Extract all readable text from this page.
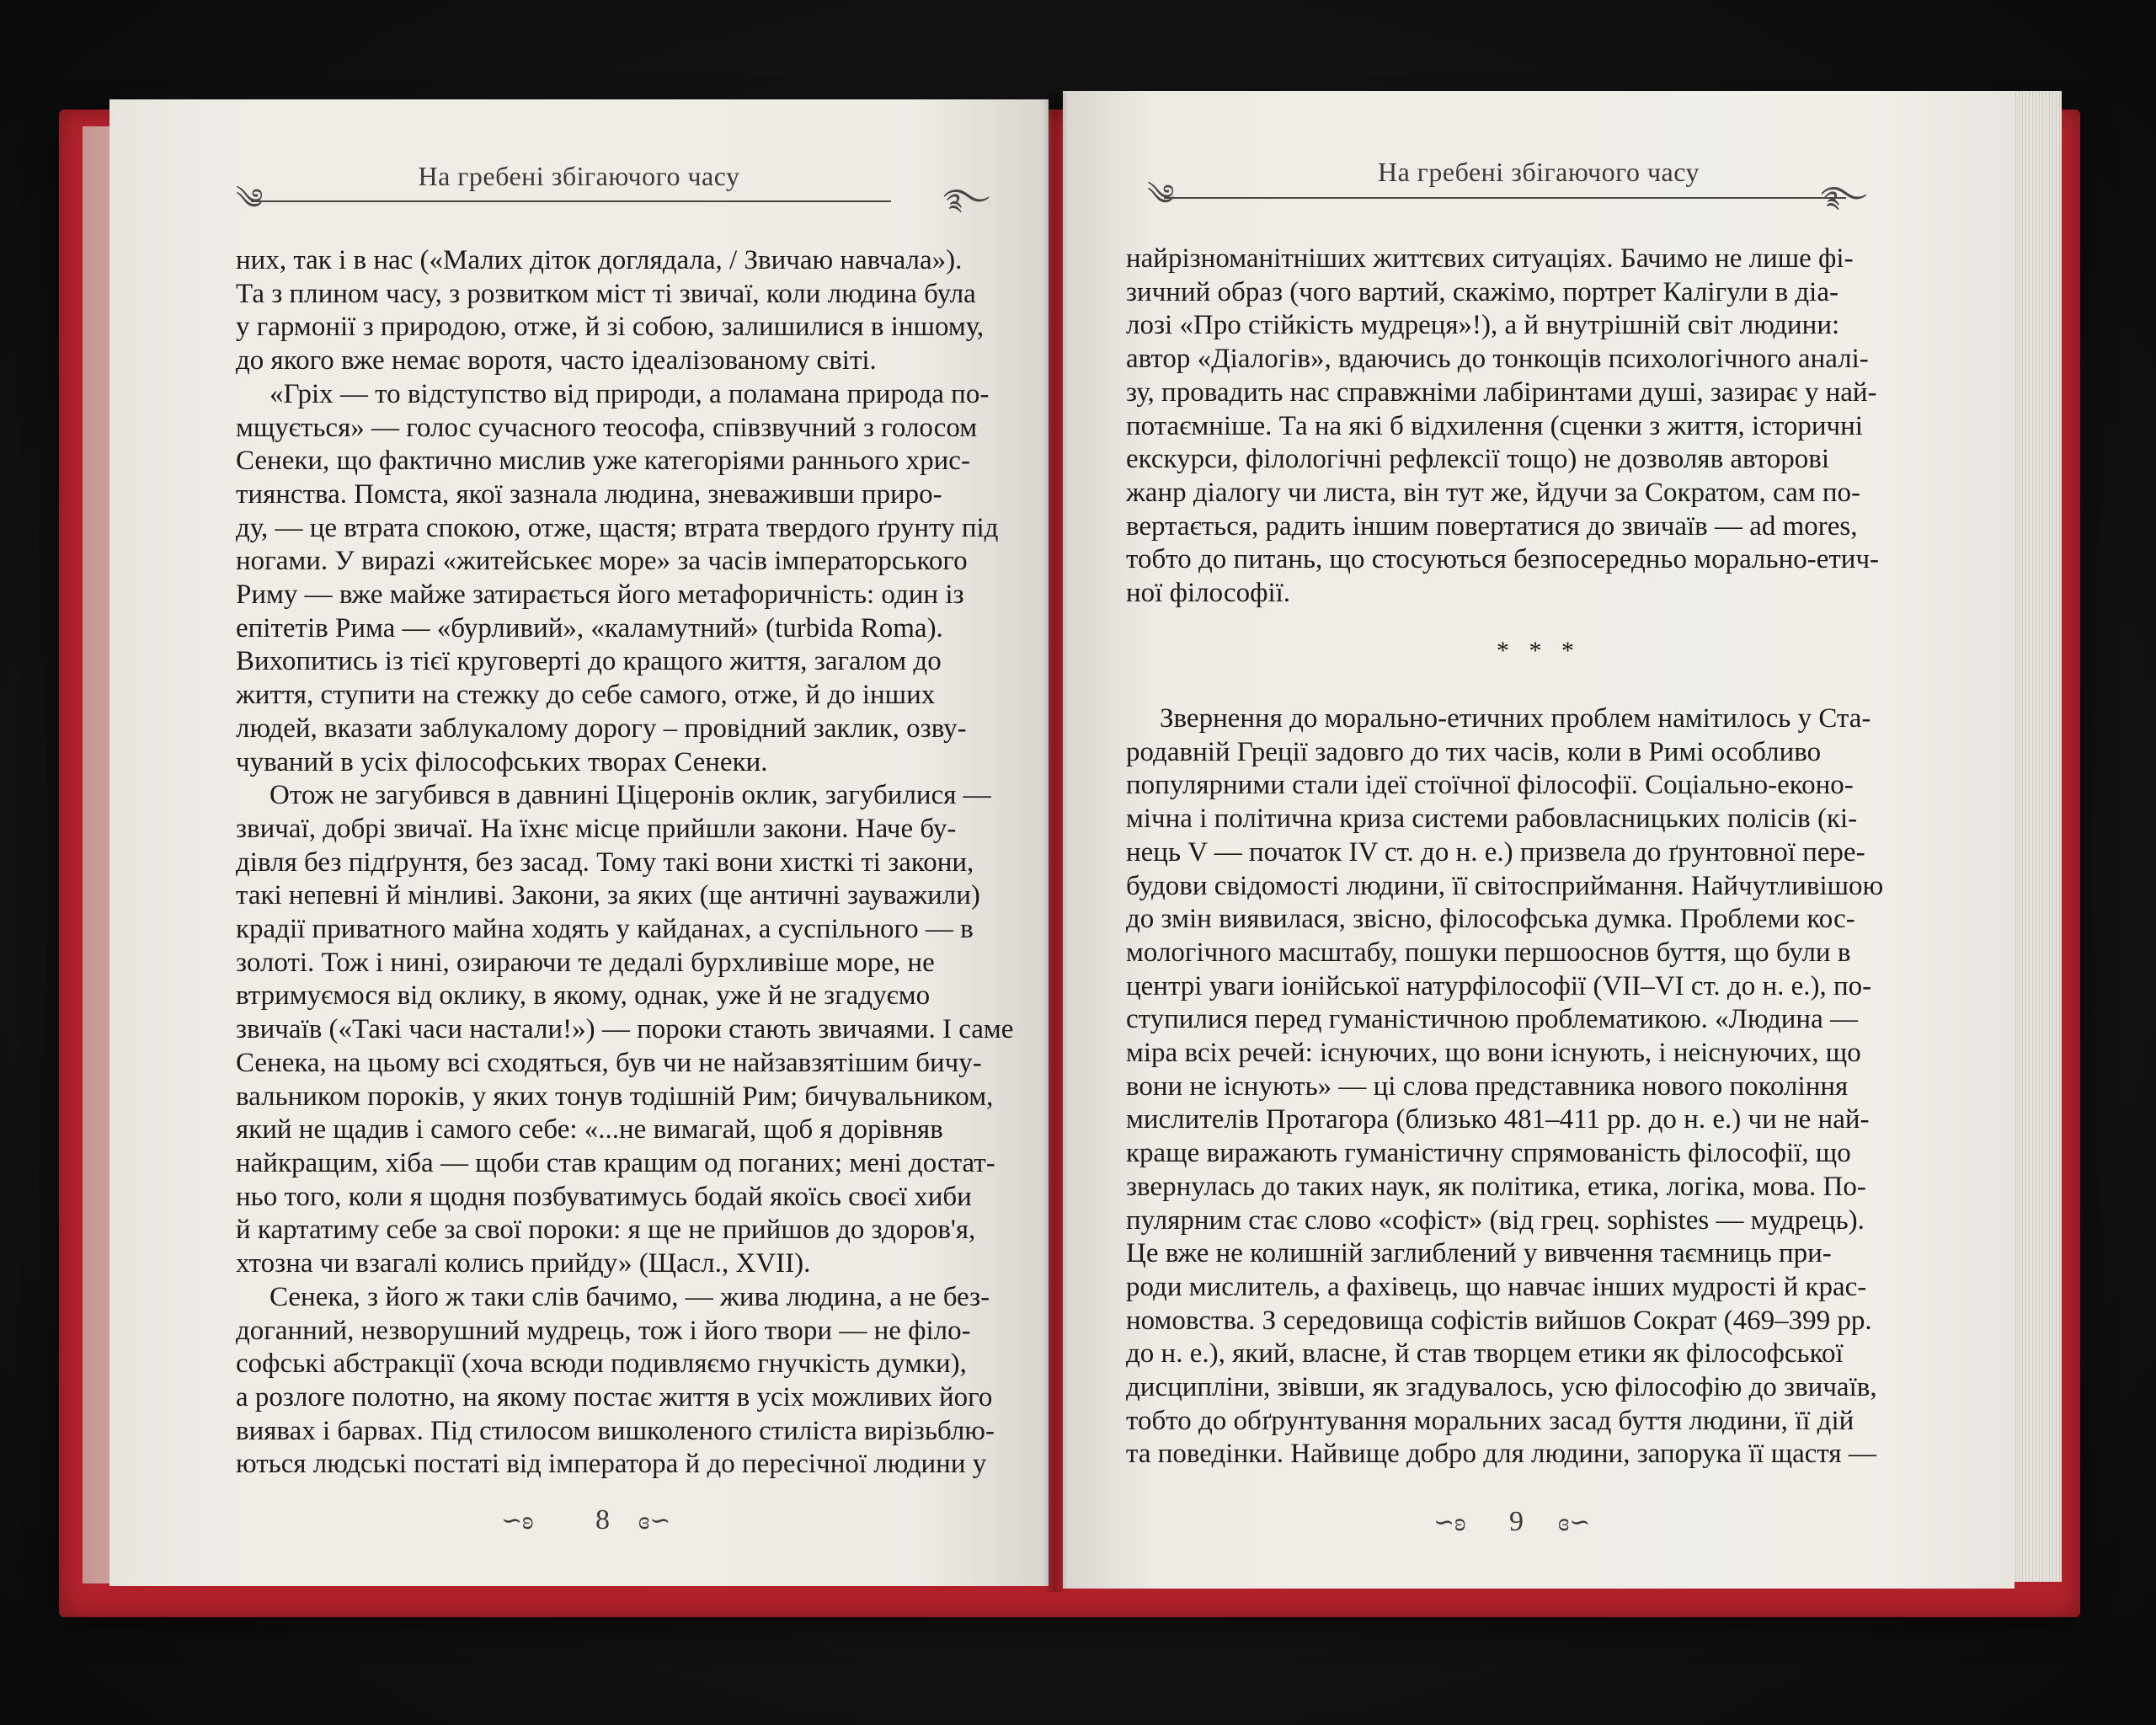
На гребені збігаючого часу
༄	࿐
них, так і в нас («Малих діток доглядала, / Звичаю навчала»).
Та з плином часу, з розвитком міст ті звичаї, коли людина була
у гармонії з природою, отже, й зі собою, залишилися в іншому,
до якого вже немає воротя, часто ідеалізованому світі.
«Гріх — то відступство від природи, а поламана природа по-
мщується» — голос сучасного теософа, співзвучний з голосом
Сенеки, що фактично мислив уже категоріями раннього хрис-
тиянства. Помста, якої зазнала людина, зневаживши приро-
ду, — це втрата спокою, отже, щастя; втрата твердого ґрунту під
ногами. У вирazi «житейськеє море» за часів імператорського
Риму — вже майже затирається його метафоричність: один із
епітетів Рима — «бурливий», «каламутний» (turbida Roma).
Вихопитись із тієї круговерті до кращого життя, загалом до
життя, ступити на стежку до себе самого, отже, й до інших
людей, вказати заблукалому дорогу – провідний заклик, озву-
чуваний в усіх філософських творах Сенеки.
Отож не загубився в давнині Ціцеронів оклик, загубилися —
звичаї, добрі звичаї. На їхнє місце прийшли закони. Наче бу-
дівля без підґрунтя, без засад. Тому такі вони хисткі ті закони,
такі непевні й мінливі. Закони, за яких (ще античні зауважили)
крадії приватного майна ходять у кайданах, а суспільного — в
золоті. Тож і нині, озираючи те дедалі бурхливіше море, не
втримуємося від оклику, в якому, однак, уже й не згадуємо
звичаїв («Такі часи настали!») — пороки стають звичаями. І саме
Сенека, на цьому всі сходяться, був чи не найзавзятішим бичу-
вальником пороків, у яких тонув тодішній Рим; бичувальником,
який не щадив і самого себе: «...не вимагай, щоб я дорівняв
найкращим, хіба — щоби став кращим од поганих; мені достат-
ньо того, коли я щодня позбуватимусь бодай якоїсь своєї хиби
й картатиму себе за свої пороки: я ще не прийшов до здоров'я,
хтозна чи взагалі колись прийду» (Щасл., XVII).
Сенека, з його ж таки слів бачимо, — жива людина, а не без-
доганний, незворушний мудрець, тож і його твори — не філо-
софські абстракції (хоча всюди подивляємо гнучкість думки),
а розлоге полотно, на якому постає життя в усіх можливих його
виявах і барвах. Під стилосом вишколеного стиліста вирізьблю-
ються людські постаті від імператора й до пересічної людини у
∽ʚ 8 ɞ∽
На гребені збігаючого часу
༄	࿐
найрізноманітніших життєвих ситуаціях. Бачимо не лише фі-
зичний образ (чого вартий, скажімо, портрет Калігули в діа-
лозі «Про стійкість мудреця»!), а й внутрішній світ людини:
автор «Діалогів», вдаючись до тонкощів психологічного аналі-
зу, провадить нас справжніми лабіринтами душі, зазирає у най-
потаємніше. Та на які б відхилення (сценки з життя, історичні
екскурси, філологічні рефлексії тощо) не дозволяв авторові
жанр діалогу чи листа, він тут же, йдучи за Сократом, сам по-
вертається, радить іншим повертатися до звичаїв — ad mores,
тобто до питань, що стосуються безпосередньо морально-етич-
ної філософії.
* * *
Звернення до морально-етичних проблем намітилось у Ста-
родавній Греції задовго до тих часів, коли в Римі особливо
популярними стали ідеї стоїчної філософії. Соціально-еконо-
мічна і політична криза системи рабовласницьких полісів (кі-
нець V — початок IV ст. до н. е.) призвела до ґрунтовної пере-
будови свідомості людини, її світосприймання. Найчутливішою
до змін виявилася, звісно, філософська думка. Проблеми кос-
мологічного масштабу, пошуки першооснов буття, що були в
центрі уваги іонійської натурфілософії (VII–VI ст. до н. е.), по-
ступилися перед гуманістичною проблематикою. «Людина —
міра всіх речей: існуючих, що вони існують, і неіснуючих, що
вони не існують» — ці слова представника нового покоління
мислителів Протагора (близько 481–411 рр. до н. е.) чи не най-
краще виражають гуманістичну спрямованість філософії, що
звернулась до таких наук, як політика, етика, логіка, мова. По-
пулярним стає слово «софіст» (від грец. sophistes — мудрець).
Це вже не колишній заглиблений у вивчення таємниць при-
роди мислитель, а фахівець, що навчає інших мудрості й крас-
номовства. З середовища софістів вийшов Сократ (469–399 рр.
до н. е.), який, власне, й став творцем етики як філософської
дисципліни, звівши, як згадувалось, усю філософію до звичаїв,
тобто до обґрунтування моральних засад буття людини, її дій
та поведінки. Найвище добро для людини, запорука її щастя —
∽ʚ 9 ɞ∽
